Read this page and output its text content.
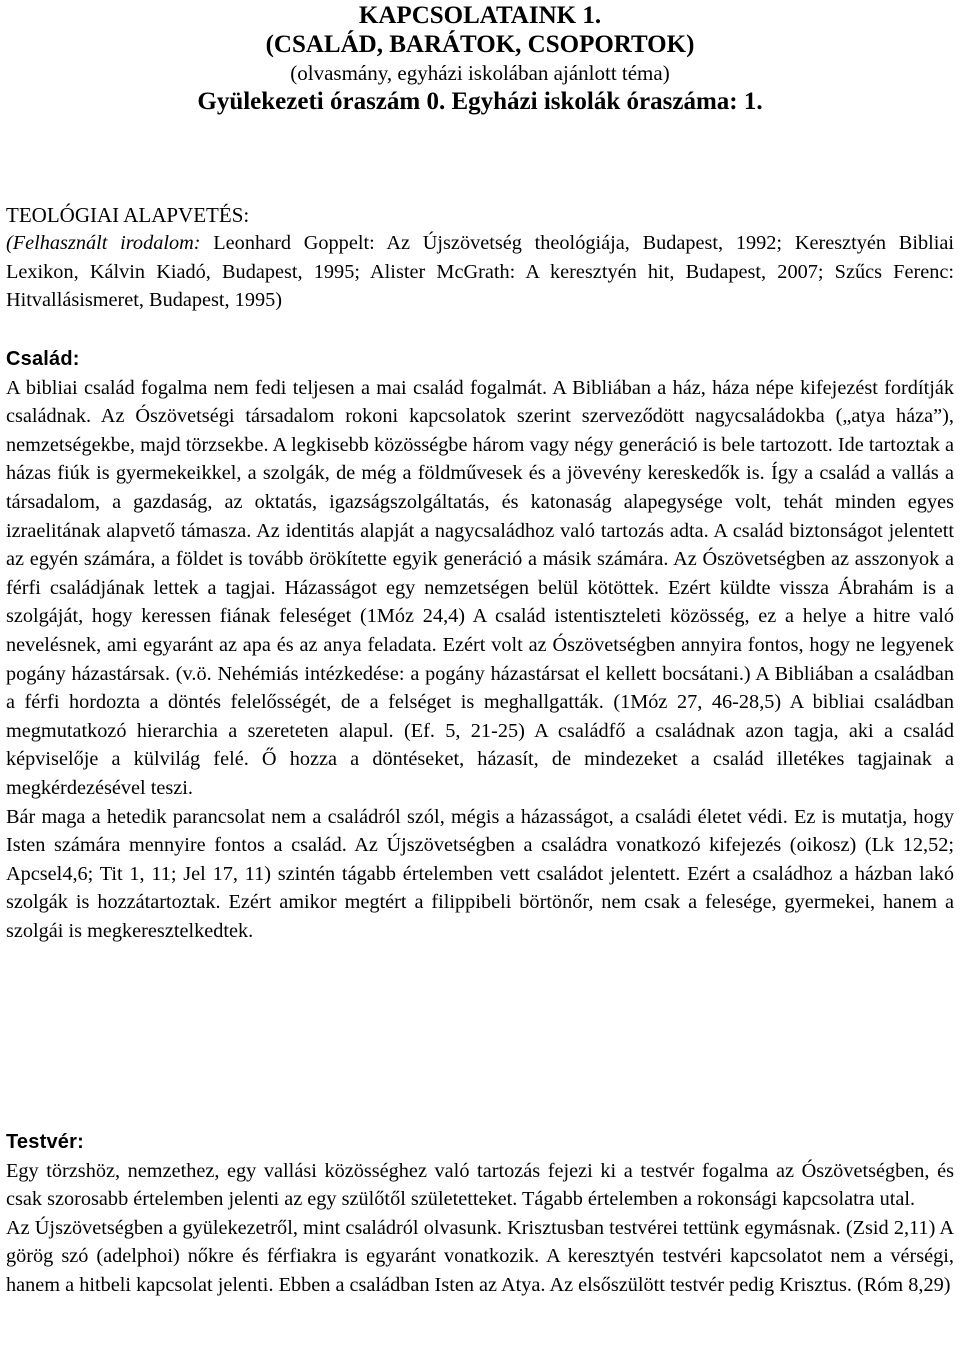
KAPCSOLATAINK 1.

(CSALÁD, BARÁTOK, CSOPORTOK)

(olvasmány, egyházi iskolában ajánlott téma)

Gyülekezeti óraszám 0. Egyházi iskolák óraszáma: 1.

TEOLÓGIAI ALAPVETÉS:

(Felhasznált irodalom: Leonhard Goppelt: Az Újszövetség theológiája, Budapest, 1992; Keresztyén Bibliai Lexikon, Kálvin Kiadó, Budapest, 1995; Alister McGrath: A keresztyén hit, Budapest, 2007; Szűcs Ferenc: Hitvallásismeret, Budapest, 1995)

Család:

A bibliai család fogalma nem fedi teljesen a mai család fogalmát. A Bibliában a ház, háza népe kifejezést fordítják családnak. Az Ószövetségi társadalom rokoni kapcsolatok szerint szerveződött nagycsaládokba („atya háza”), nemzetségekbe, majd törzsekbe. A legkisebb közösségbe három vagy négy generáció is bele tartozott. Ide tartoztak a házas fiúk is gyermekeikkel, a szolgák, de még a földművesek és a jövevény kereskedők is. Így a család a vallás a társadalom, a gazdaság, az oktatás, igazságszolgáltatás, és katonaság alapegysége volt, tehát minden egyes izraelitának alapvető támasza. Az identitás alapját a nagycsaládhoz való tartozás adta. A család biztonságot jelentett az egyén számára, a földet is tovább örökítette egyik generáció a másik számára. Az Ószövetségben az asszonyok a férfi családjának lettek a tagjai. Házasságot egy nemzetségen belül kötöttek. Ezért küldte vissza Ábrahám is a szolgáját, hogy keressen fiának feleséget (1Móz 24,4) A család istentiszteleti közösség, ez a helye a hitre való nevelésnek, ami egyaránt az apa és az anya feladata. Ezért volt az Ószövetségben annyira fontos, hogy ne legyenek pogány házastársak. (v.ö. Nehémiás intézkedése: a pogány házastársat el kellett bocsátani.) A Bibliában a családban a férfi hordozta a döntés felelősségét, de a felséget is meghallgatták. (1Móz 27, 46-28,5) A bibliai családban megmutatkozó hierarchia a szereteten alapul. (Ef. 5, 21-25) A családfő a családnak azon tagja, aki a család képviselője a külvilág felé. Ő hozza a döntéseket, házasít, de mindezeket a család illetékes tagjainak a megkérdezésével teszi.

Bár maga a hetedik parancsolat nem a családról szól, mégis a házasságot, a családi életet védi. Ez is mutatja, hogy Isten számára mennyire fontos a család. Az Újszövetségben a családra vonatkozó kifejezés (oikosz) (Lk 12,52; Apcsel4,6; Tit 1, 11; Jel 17, 11) szintén tágabb értelemben vett családot jelentett. Ezért a családhoz a házban lakó szolgák is hozzátartoztak. Ezért amikor megtért a filippibeli börtönőr, nem csak a felesége, gyermekei, hanem a szolgái is megkeresztelkedtek.

Testvér:

Egy törzshöz, nemzethez, egy vallási közösséghez való tartozás fejezi ki a testvér fogalma az Ószövetségben, és csak szorosabb értelemben jelenti az egy szülőtől születetteket. Tágabb értelemben a rokonsági kapcsolatra utal.

Az Újszövetségben a gyülekezetről, mint családról olvasunk. Krisztusban testvérei tettünk egymásnak. (Zsid 2,11) A görög szó (adelphoi) nőkre és férfiakra is egyaránt vonatkozik. A keresztyén testvéri kapcsolatot nem a vérségi, hanem a hitbeli kapcsolat jelenti. Ebben a családban Isten az Atya. Az elsőszülött testvér pedig Krisztus. (Róm 8,29)
